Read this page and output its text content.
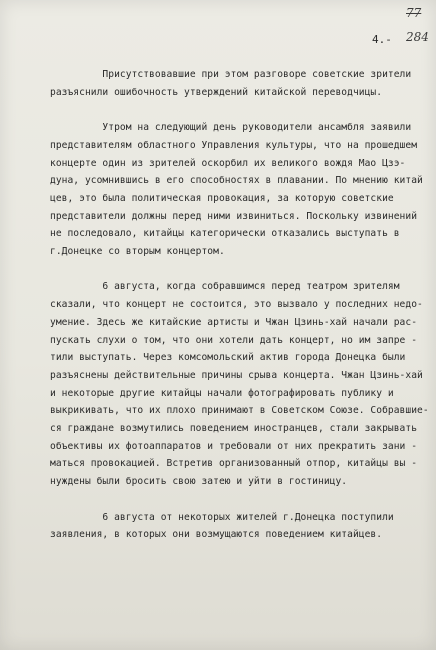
77
4.- 284
Присутствовавшие при этом разговоре советские зрители
разъяснили ошибочность утверждений китайской переводчицы.
Утром на следующий день руководители ансамбля заявили
представителям областного Управления культуры, что на прошедшем
концерте один из зрителей оскорбил их великого вождя Мао Цзэ-
дуна, усомнившись в его способностях в плавании. По мнению китай
цев, это была политическая провокация, за которую советские
представители должны перед ними извиниться. Поскольку извинений
не последовало, китайцы категорически отказались выступать в
г.Донецке со вторым концертом.
6 августа, когда собравшимся перед театром зрителям
сказали, что концерт не состоится, это вызвало у последних недо-
умение. Здесь же китайские артисты и Чжан Цзинь-хай начали рас-
пускать слухи о том, что они хотели дать концерт, но им запре -
тили выступать. Через комсомольский актив города Донецка были
разъяснены действительные причины срыва концерта. Чжан Цзинь-хай
и некоторые другие китайцы начали фотографировать публику и
выкрикивать, что их плохо принимают в Советском Союзе. Собравшие-
ся граждане возмутились поведением иностранцев, стали закрывать
объективы их фотоаппаратов и требовали от них прекратить зани -
маться провокацией. Встретив организованный отпор, китайцы вы -
нуждены были бросить свою затею и уйти в гостиницу.
6 августа от некоторых жителей г.Донецка поступили
заявления, в которых они возмущаются поведением китайцев.
